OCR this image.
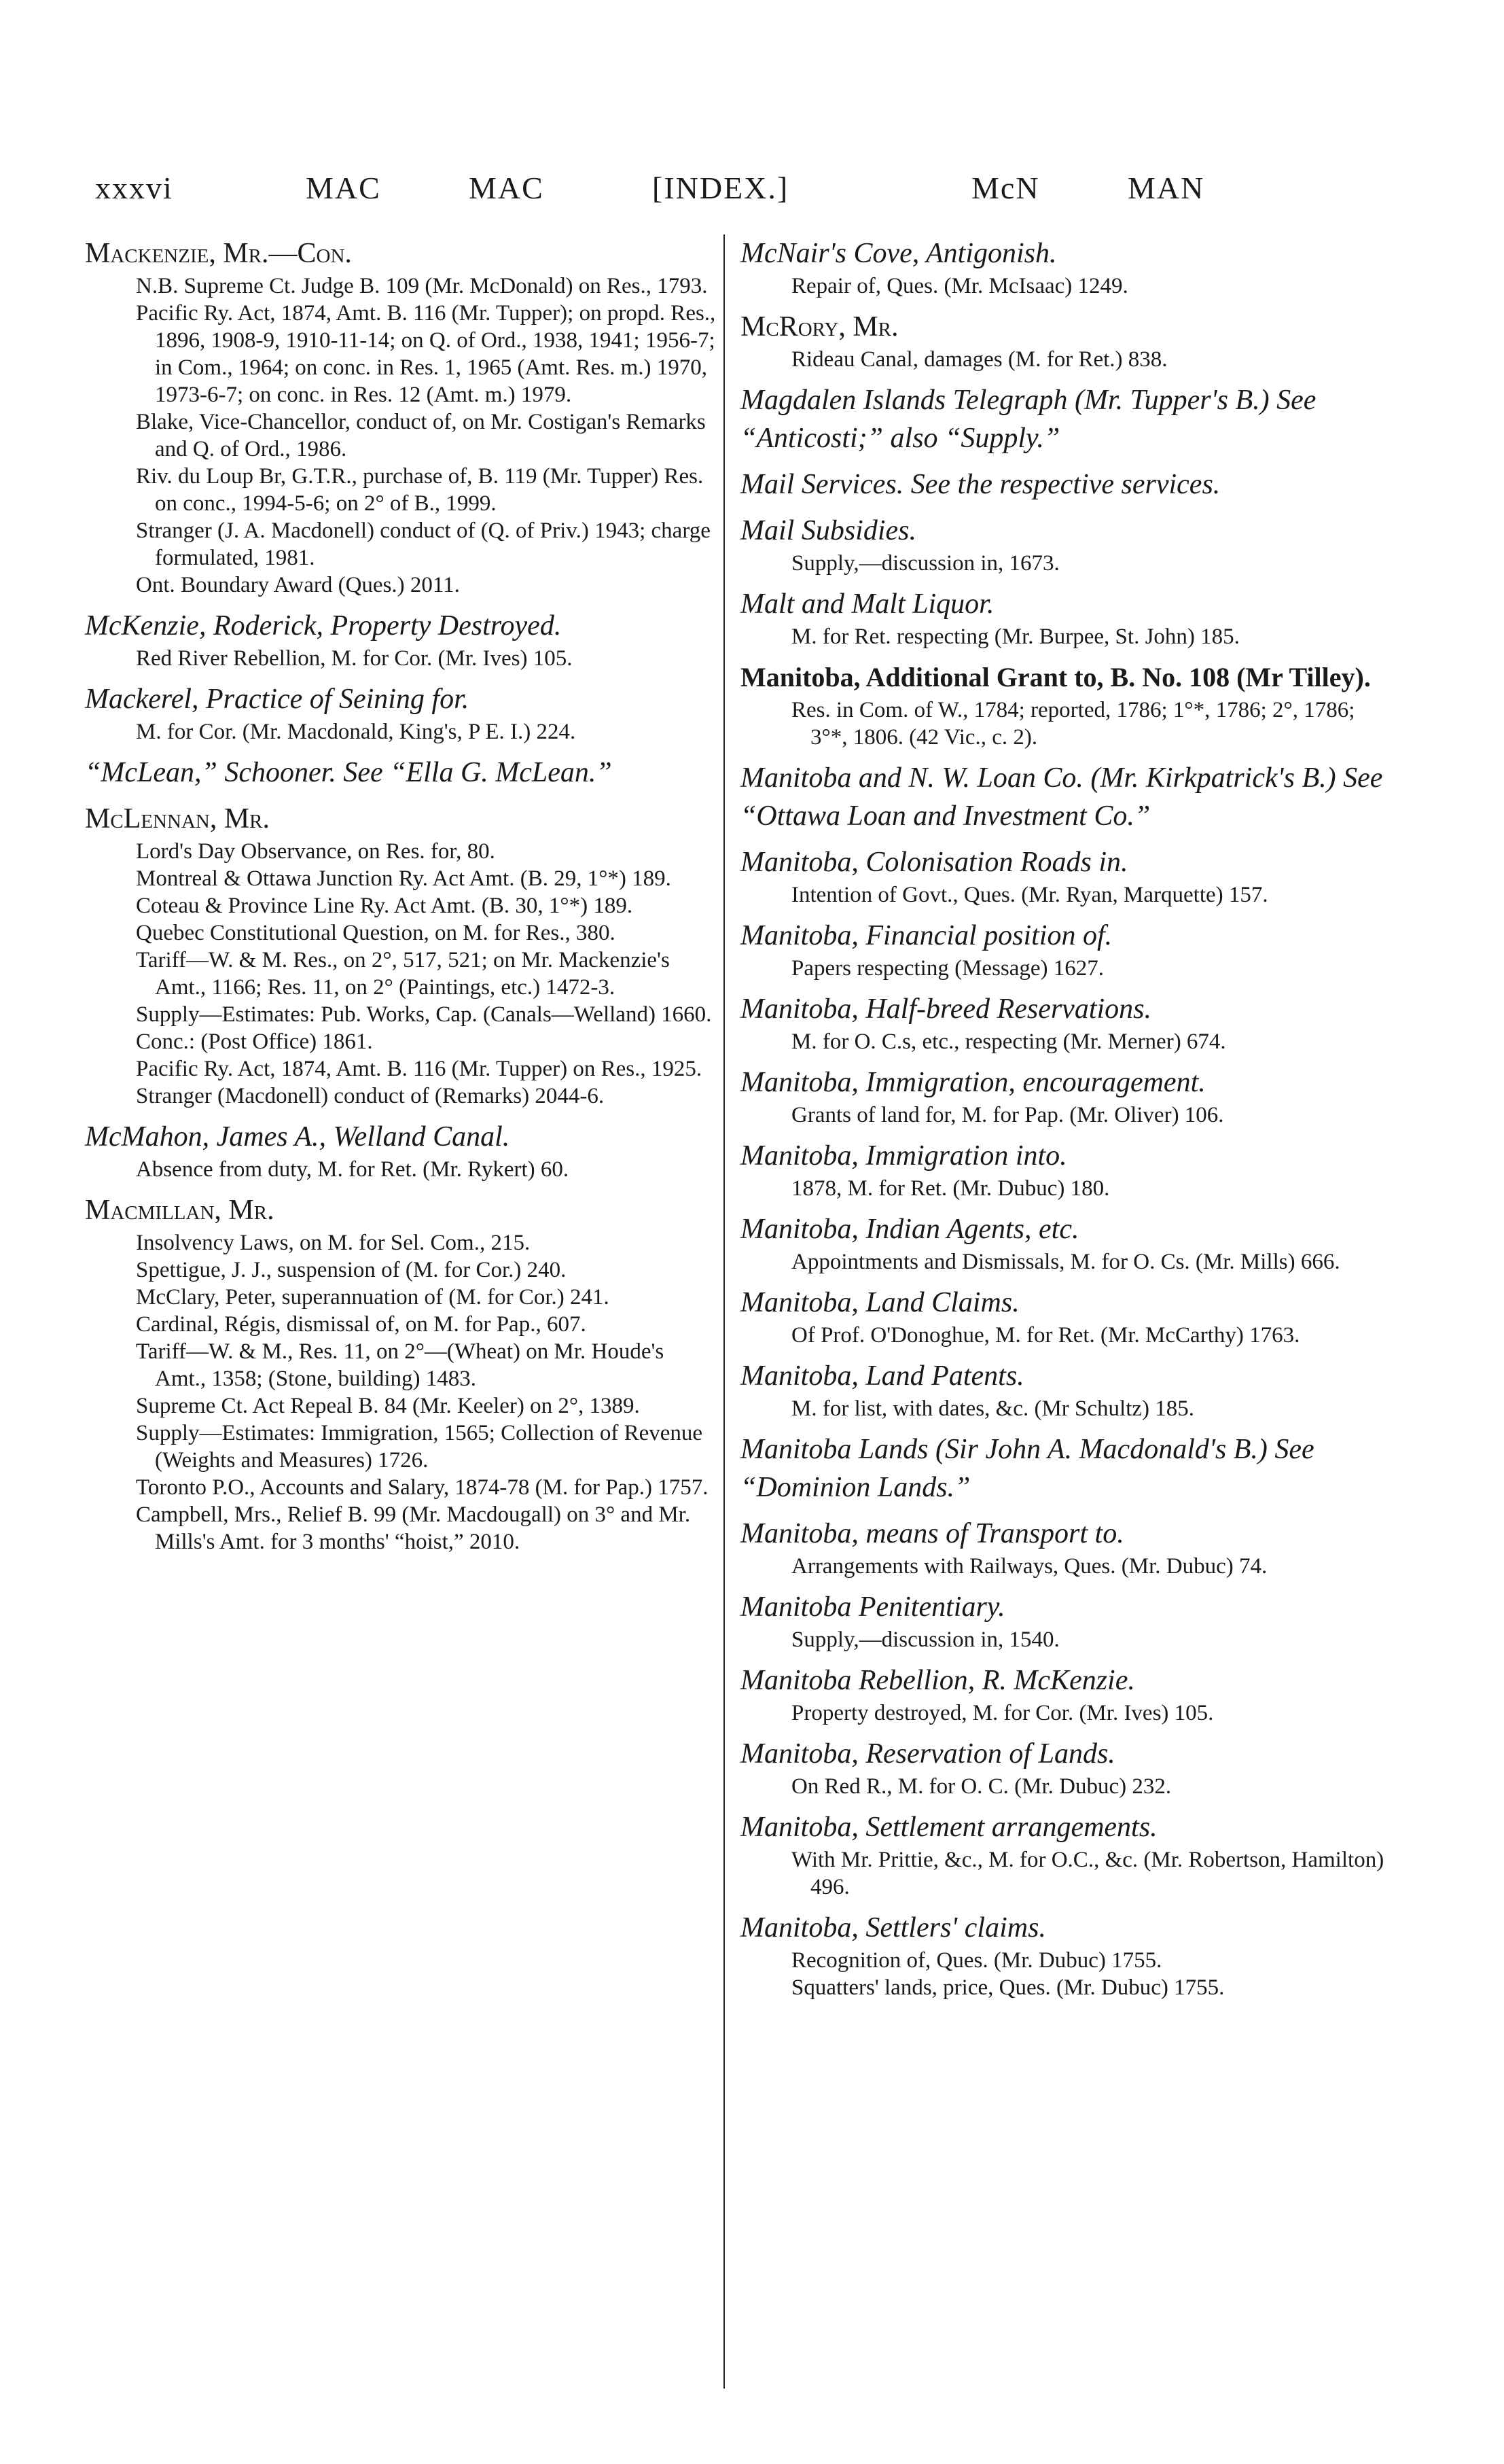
xxxvi	MAC	MAC	[INDEX.]	McN	MAN
Mackenzie, Mr.—Con.
N.B. Supreme Ct. Judge B. 109 (Mr. McDonald) on Res., 1793.
Pacific Ry. Act, 1874, Amt. B. 116 (Mr. Tupper); on propd. Res., 1896, 1908-9, 1910-11-14; on Q. of Ord., 1938, 1941; 1956-7; in Com., 1964; on conc. in Res. 1, 1965 (Amt. Res. m.) 1970, 1973-6-7; on conc. in Res. 12 (Amt. m.) 1979.
Blake, Vice-Chancellor, conduct of, on Mr. Costigan's Remarks and Q. of Ord., 1986.
Riv. du Loup Br, G.T.R., purchase of, B. 119 (Mr. Tupper) Res. on conc., 1994-5-6; on 2° of B., 1999.
Stranger (J. A. Macdonell) conduct of (Q. of Priv.) 1943; charge formulated, 1981.
Ont. Boundary Award (Ques.) 2011.
McKenzie, Roderick, Property Destroyed.
Red River Rebellion, M. for Cor. (Mr. Ives) 105.
Mackerel, Practice of Seining for.
M. for Cor. (Mr. Macdonald, King's, P E. I.) 224.
“McLean,” Schooner. See “Ella G. McLean.”
McLennan, Mr.
Lord's Day Observance, on Res. for, 80.
Montreal & Ottawa Junction Ry. Act Amt. (B. 29, 1°*) 189.
Coteau & Province Line Ry. Act Amt. (B. 30, 1°*) 189.
Quebec Constitutional Question, on M. for Res., 380.
Tariff—W. & M. Res., on 2°, 517, 521; on Mr. Mackenzie's Amt., 1166; Res. 11, on 2° (Paintings, etc.) 1472-3.
Supply—Estimates: Pub. Works, Cap. (Canals—Welland) 1660.
Conc.: (Post Office) 1861.
Pacific Ry. Act, 1874, Amt. B. 116 (Mr. Tupper) on Res., 1925.
Stranger (Macdonell) conduct of (Remarks) 2044-6.
McMahon, James A., Welland Canal.
Absence from duty, M. for Ret. (Mr. Rykert) 60.
Macmillan, Mr.
Insolvency Laws, on M. for Sel. Com., 215.
Spettigue, J. J., suspension of (M. for Cor.) 240.
McClary, Peter, superannuation of (M. for Cor.) 241.
Cardinal, Régis, dismissal of, on M. for Pap., 607.
Tariff—W. & M., Res. 11, on 2°—(Wheat) on Mr. Houde's Amt., 1358; (Stone, building) 1483.
Supreme Ct. Act Repeal B. 84 (Mr. Keeler) on 2°, 1389.
Supply—Estimates: Immigration, 1565; Collection of Revenue (Weights and Measures) 1726.
Toronto P.O., Accounts and Salary, 1874-78 (M. for Pap.) 1757.
Campbell, Mrs., Relief B. 99 (Mr. Macdougall) on 3° and Mr. Mills's Amt. for 3 months' “hoist,” 2010.
McNair's Cove, Antigonish.
Repair of, Ques. (Mr. McIsaac) 1249.
McRory, Mr.
Rideau Canal, damages (M. for Ret.) 838.
Magdalen Islands Telegraph (Mr. Tupper's B.) See “Anticosti;” also “Supply.”
Mail Services. See the respective services.
Mail Subsidies.
Supply,—discussion in, 1673.
Malt and Malt Liquor.
M. for Ret. respecting (Mr. Burpee, St. John) 185.
Manitoba, Additional Grant to, B. No. 108 (Mr Tilley).
Res. in Com. of W., 1784; reported, 1786; 1°*, 1786; 2°, 1786; 3°*, 1806. (42 Vic., c. 2).
Manitoba and N. W. Loan Co. (Mr. Kirkpatrick's B.) See “Ottawa Loan and Investment Co.”
Manitoba, Colonisation Roads in.
Intention of Govt., Ques. (Mr. Ryan, Marquette) 157.
Manitoba, Financial position of.
Papers respecting (Message) 1627.
Manitoba, Half-breed Reservations.
M. for O. C.s, etc., respecting (Mr. Merner) 674.
Manitoba, Immigration, encouragement.
Grants of land for, M. for Pap. (Mr. Oliver) 106.
Manitoba, Immigration into.
1878, M. for Ret. (Mr. Dubuc) 180.
Manitoba, Indian Agents, etc.
Appointments and Dismissals, M. for O. Cs. (Mr. Mills) 666.
Manitoba, Land Claims.
Of Prof. O'Donoghue, M. for Ret. (Mr. McCarthy) 1763.
Manitoba, Land Patents.
M. for list, with dates, &c. (Mr Schultz) 185.
Manitoba Lands (Sir John A. Macdonald's B.) See “Dominion Lands.”
Manitoba, means of Transport to.
Arrangements with Railways, Ques. (Mr. Dubuc) 74.
Manitoba Penitentiary.
Supply,—discussion in, 1540.
Manitoba Rebellion, R. McKenzie.
Property destroyed, M. for Cor. (Mr. Ives) 105.
Manitoba, Reservation of Lands.
On Red R., M. for O. C. (Mr. Dubuc) 232.
Manitoba, Settlement arrangements.
With Mr. Prittie, &c., M. for O.C., &c. (Mr. Robertson, Hamilton) 496.
Manitoba, Settlers' claims.
Recognition of, Ques. (Mr. Dubuc) 1755.
Squatters' lands, price, Ques. (Mr. Dubuc) 1755.
